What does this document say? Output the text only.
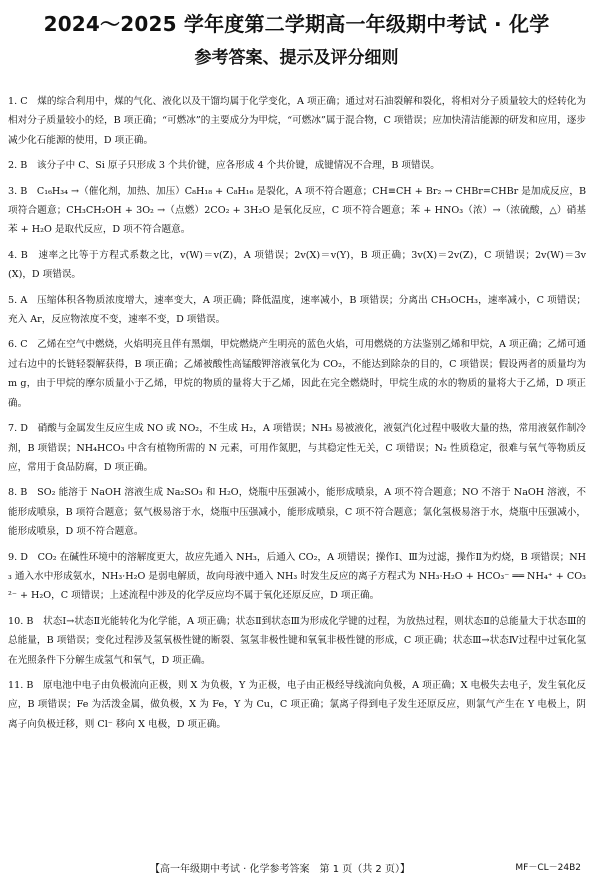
2024～2025 学年度第二学期高一年级期中考试 · 化学
参考答案、提示及评分细则
1. C　煤的综合利用中，煤的气化、液化以及干馏均属于化学变化，A 项正确；通过对石油裂解和裂化，将相对分子质量较大的烃转化为相对分子质量较小的烃，B 项正确；“可燃冰”的主要成分为甲烷，“可燃冰”属于混合物，C 项错误；应加快清洁能源的研发和应用，逐步减少化石能源的使用，D 项正确。
2. B　该分子中 C、Si 原子只形成 3 个共价键，应各形成 4 个共价键，成键情况不合理，B 项错误。
3. B　C₁₆H₃₄ →（催化剂，加热、加压）C₈H₁₈ + C₈H₁₆ 是裂化，A 项不符合题意；CH≡CH + Br₂ → CHBr=CHBr 是加成反应，B 项符合题意；CH₃CH₂OH + 3O₂ →（点燃）2CO₂ + 3H₂O 是氧化反应，C 项不符合题意；苯 + HNO₃（浓）→（浓硫酸，△）硝基苯 + H₂O 是取代反应，D 项不符合题意。
4. B　速率之比等于方程式系数之比，v(W)＝v(Z)，A 项错误；2v(X)＝v(Y)，B 项正确；3v(X)＝2v(Z)，C 项错误；2v(W)＝3v(X)，D 项错误。
5. A　压缩体积各物质浓度增大，速率变大，A 项正确；降低温度，速率减小，B 项错误；分离出 CH₃OCH₃，速率减小，C 项错误；充入 Ar，反应物浓度不变，速率不变，D 项错误。
6. C　乙烯在空气中燃烧，火焰明亮且伴有黑烟，甲烷燃烧产生明亮的蓝色火焰，可用燃烧的方法鉴别乙烯和甲烷，A 项正确；乙烯可通过右边中的长链轻裂解获得，B 项正确；乙烯被酸性高锰酸钾溶液氧化为 CO₂，不能达到除杂的目的，C 项错误；假设两者的质量均为 m g，由于甲烷的摩尔质量小于乙烯，甲烷的物质的量将大于乙烯，因此在完全燃烧时，甲烷生成的水的物质的量将大于乙烯，D 项正确。
7. D　硝酸与金属发生反应生成 NO 或 NO₂，不生成 H₂，A 项错误；NH₃ 易被液化，液氨汽化过程中吸收大量的热，常用液氨作制冷剂，B 项错误；NH₄HCO₃ 中含有植物所需的 N 元素，可用作氮肥，与其稳定性无关，C 项错误；N₂ 性质稳定，很难与氧气等物质反应，常用于食品防腐，D 项正确。
8. B　SO₂ 能溶于 NaOH 溶液生成 Na₂SO₃ 和 H₂O，烧瓶中压强减小，能形成喷泉，A 项不符合题意；NO 不溶于 NaOH 溶液，不能形成喷泉，B 项符合题意；氨气极易溶于水，烧瓶中压强减小，能形成喷泉，C 项不符合题意；氯化氢极易溶于水，烧瓶中压强减小，能形成喷泉，D 项不符合题意。
9. D　CO₂ 在碱性环境中的溶解度更大，故应先通入 NH₃，后通入 CO₂，A 项错误；操作Ⅰ、Ⅲ为过滤，操作Ⅱ为灼烧，B 项错误；NH₃ 通入水中形成氨水，NH₃·H₂O 是弱电解质，故向母液中通入 NH₃ 时发生反应的离子方程式为 NH₃·H₂O + HCO₃⁻ ══ NH₄⁺ + CO₃²⁻ + H₂O，C 项错误；上述流程中涉及的化学反应均不属于氧化还原反应，D 项正确。
10. B　状态Ⅰ→状态Ⅱ光能转化为化学能，A 项正确；状态Ⅱ到状态Ⅲ为形成化学键的过程，为放热过程，则状态Ⅱ的总能量大于状态Ⅲ的总能量，B 项错误；变化过程涉及氢氧极性键的断裂、氢氢非极性键和氧氧非极性键的形成，C 项正确；状态Ⅲ→状态Ⅳ过程中过氧化氢在光照条件下分解生成氢气和氧气，D 项正确。
11. B　原电池中电子由负极流向正极，则 X 为负极，Y 为正极，电子由正极经导线流向负极，A 项正确；X 电极失去电子，发生氧化反应，B 项错误；Fe 为活泼金属，做负极，X 为 Fe，Y 为 Cu，C 项正确；氯离子得到电子发生还原反应，则氯气产生在 Y 电极上，阴离子向负极迁移，则 Cl⁻ 移向 X 电极，D 项正确。
【高一年级期中考试 · 化学参考答案　第 1 页（共 2 页）】	MF－CL－24B2
